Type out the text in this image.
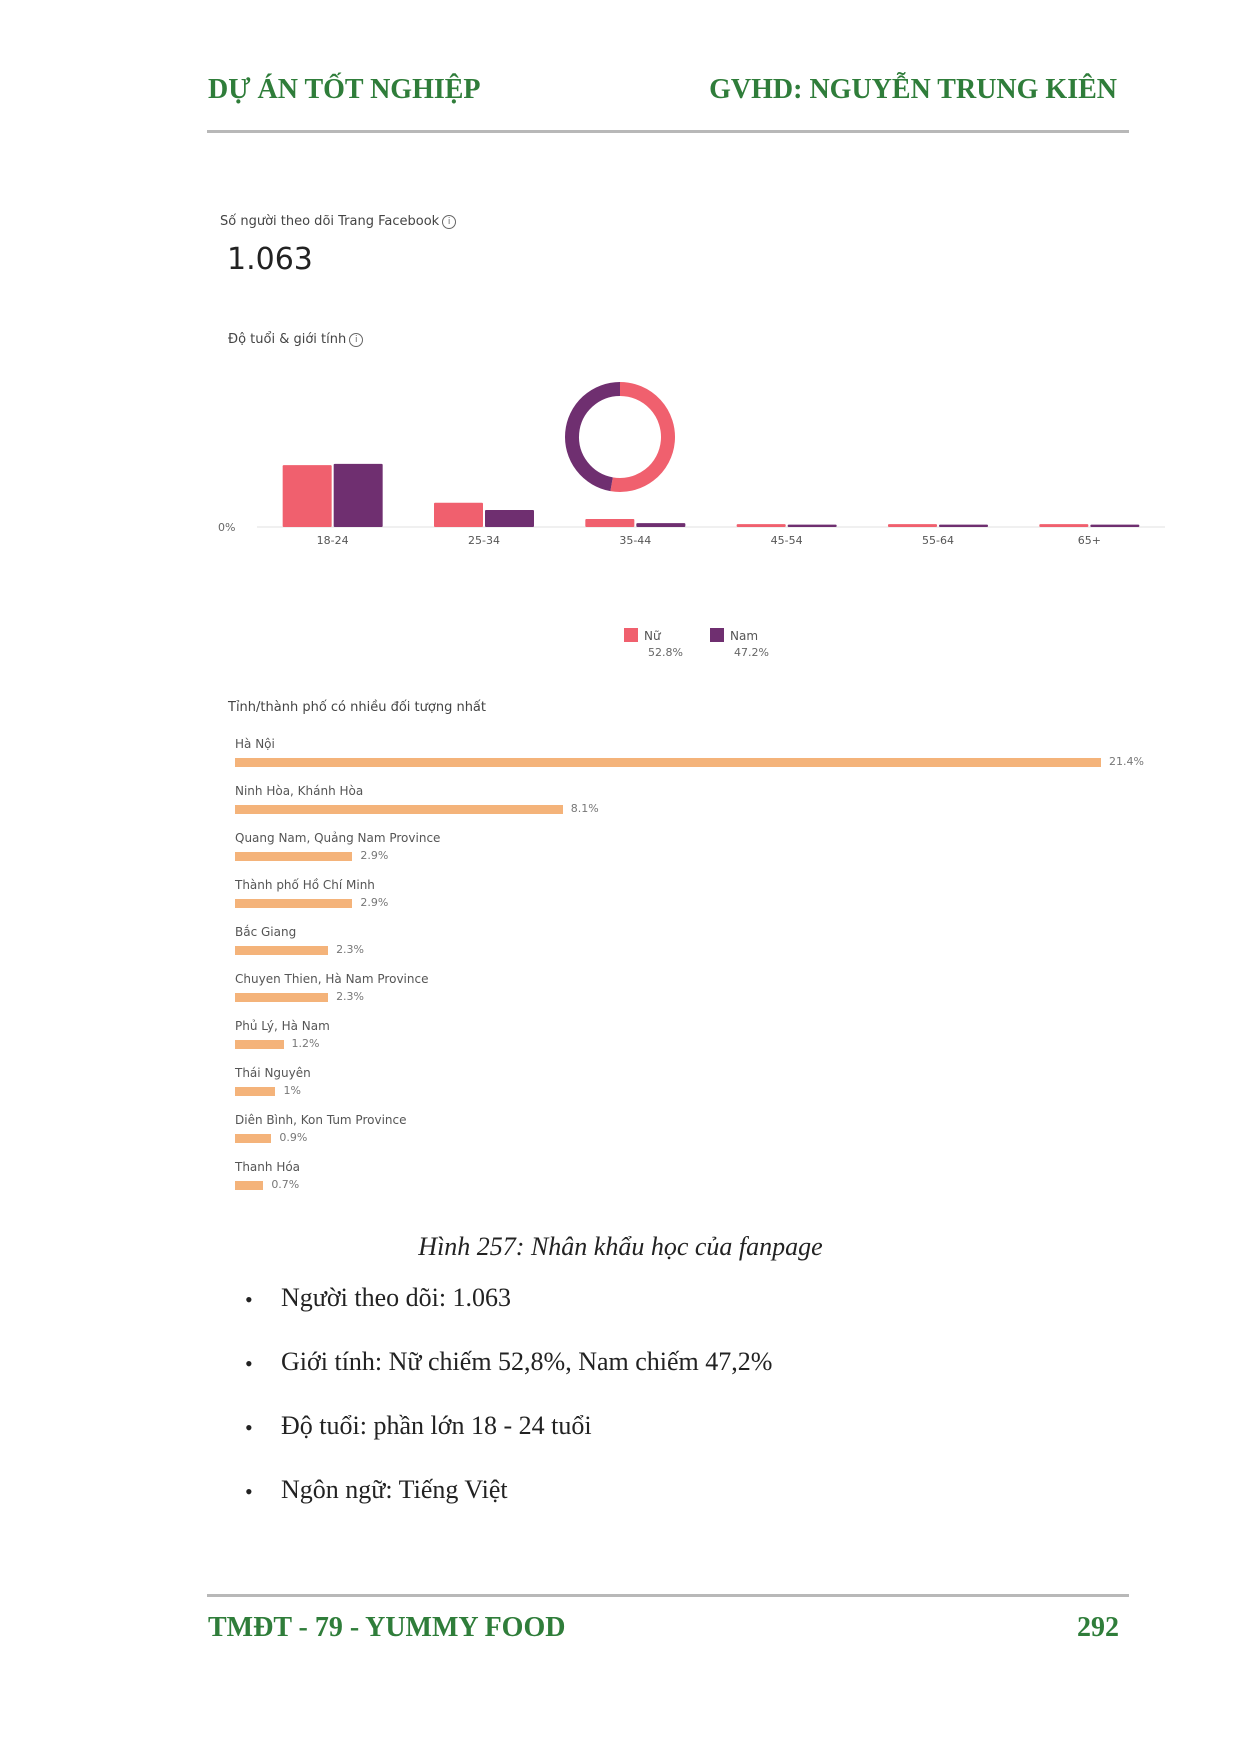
DỰ ÁN TỐT NGHIỆP	GVHD: NGUYỄN TRUNG KIÊN
Số người theo dõi Trang Facebook i
1.063
Độ tuổi & giới tính i
0%
18-24	25-34	35-44	45-54	55-64	65+
Nữ
52.8%
Nam
47.2%
Tỉnh/thành phố có nhiều đối tượng nhất
Hà Nội
21.4%
Ninh Hòa, Khánh Hòa
8.1%
Quang Nam, Quảng Nam Province
2.9%
Thành phố Hồ Chí Minh
2.9%
Bắc Giang
2.3%
Chuyen Thien, Hà Nam Province
2.3%
Phủ Lý, Hà Nam
1.2%
Thái Nguyên
1%
Diên Bình, Kon Tum Province
0.9%
Thanh Hóa
0.7%
Hình 257: Nhân khẩu học của fanpage
• Người theo dõi: 1.063
• Giới tính: Nữ chiếm 52,8%, Nam chiếm 47,2%
• Độ tuổi: phần lớn 18 - 24 tuổi
• Ngôn ngữ: Tiếng Việt
TMĐT - 79 - YUMMY FOOD	292
